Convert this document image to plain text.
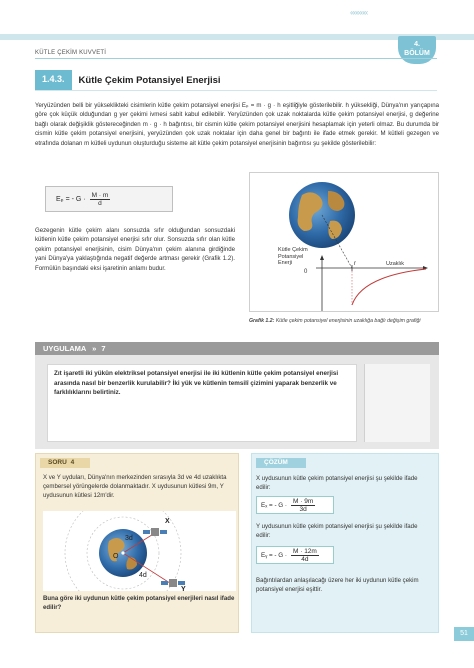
«««««
4.
BÖLÜM
KÜTLE ÇEKİM KUVVETİ
1.4.3.	Kütle Çekim Potansiyel Enerjisi

Yeryüzünden belli bir yükseklikteki cisimlerin kütle çekim potansiyel enerjisi Eₚ = m · g · h eşitliğiyle gösterilebilir. h yüksekliği, Dünya'nın yarıçapına göre çok küçük olduğundan g yer çekimi ivmesi sabit kabul edilebilir. Yeryüzünden çok uzak noktalarda kütle çekim potansiyel enerjisi, g değerine bağlı olarak değişiklik göstereceğinden m · g · h bağıntısı, bir cismin kütle çekim potansiyel enerjisini hesaplamak için yeterli olmaz. Bu durumda bir cismin kütle çekim potansiyel enerjisini, yeryüzünden çok uzak noktalar için daha genel bir bağıntı ile ifade etmek gerekir. M kütleli gezegen ve etrafında dolanan m kütleli uydunun oluşturduğu sisteme ait kütle çekim potansiyel enerjisinin bağıntısı şu şekilde gösterilebilir:

Eₚ = - $G \cdot \frac{M \cdot m}{d}$

Gezegenin kütle çekim alanı sonsuzda sıfır olduğundan sonsuzdaki kütlenin kütle çekim potansiyel enerjisi sıfır olur. Sonsuzda sıfır olan kütle çekim potansiyel enerjisinin, cisim Dünya'nın çekim alanına girdiğinde yani Dünya'ya yaklaştığında negatif değerde artması gerekir (Grafik 1.2). Formülün başındaki eksi işaretinin anlamı budur.

0
r	Uzaklık
Kütle Çekim Potansiyel Enerji
Grafik 1.2: Kütle çekim potansiyel enerjisinin uzaklığa bağlı değişim grafiği
UYGULAMA » 7
Zıt işaretli iki yükün elektriksel potansiyel enerjisi ile iki kütlenin kütle çekim potansiyel enerjisi arasında nasıl bir benzerlik kurulabilir? İki yük ve kütlenin temsilî çizimini yaparak benzerlik ve farklılıklarını belirtiniz.
SORU 4
X ve Y uyduları, Dünya'nın merkezinden sırasıyla 3d ve 4d uzaklıkta çembersel yörüngelerde dolanmaktadır. X uydusunun kütlesi 9m, Y uydusunun kütlesi 12m'dir.
3d
4d
O
X
Y
Buna göre iki uydunun kütle çekim potansiyel enerjileri nasıl ifade edilir?
ÇÖZÜM
X uydusunun kütle çekim potansiyel enerjisi şu şekilde ifade edilir:
Eₓ = - $G \cdot \frac{M \cdot 9m}{3d}$
Y uydusunun kütle çekim potansiyel enerjisi şu şekilde ifade edilir:
Eᵧ = - $G \cdot \frac{M \cdot 12m}{4d}$
Bağıntılardan anlaşılacağı üzere her iki uydunun kütle çekim potansiyel enerjisi eşittir.
51
